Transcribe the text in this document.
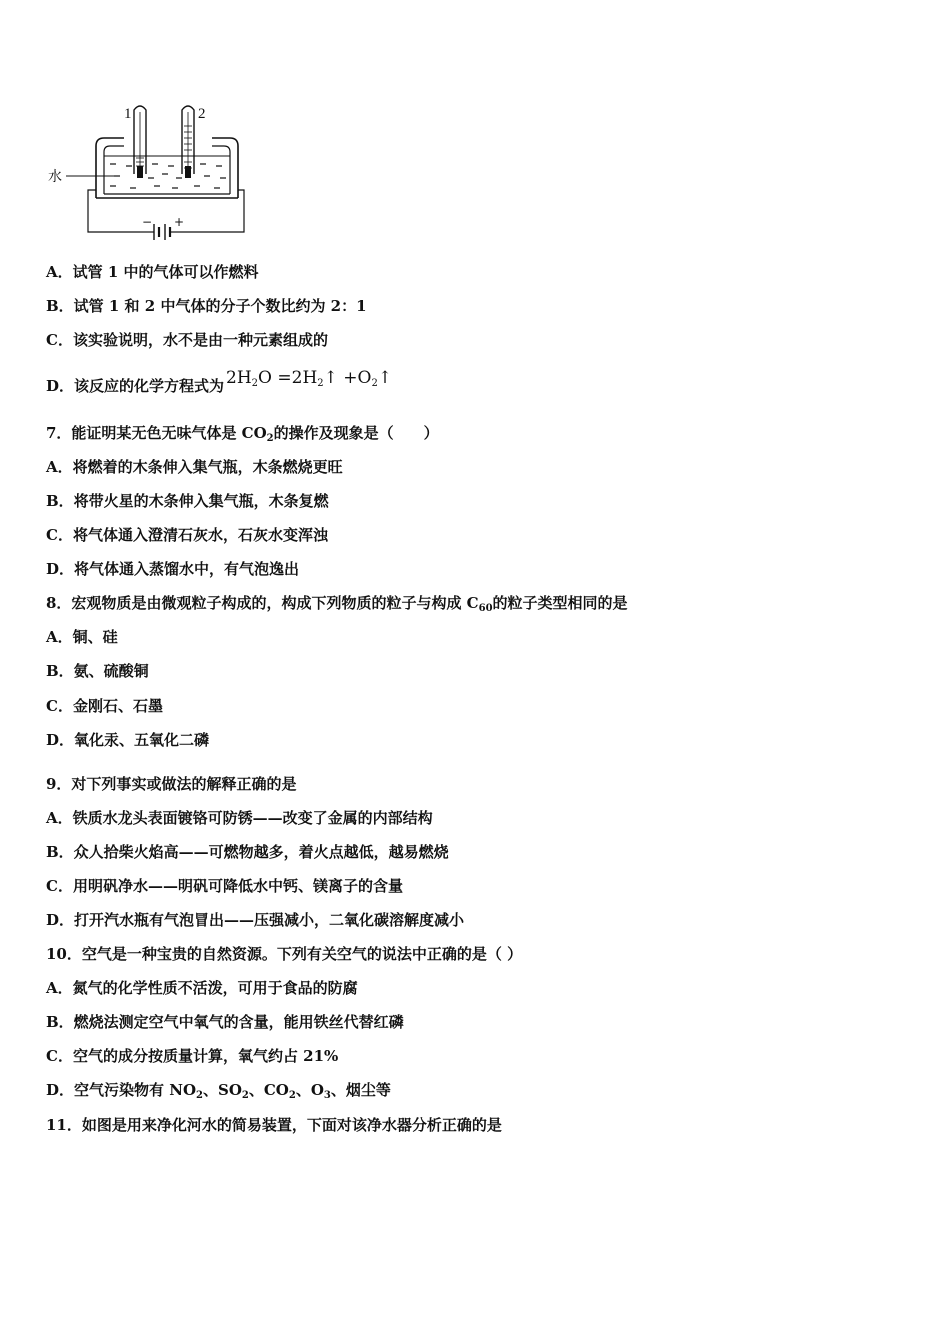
1	2
水
− +
A．试管 1 中的气体可以作燃料
B．试管 1 和 2 中气体的分子个数比约为 2：1
C．该实验说明，水不是由一种元素组成的
D．该反应的化学方程式为 $2H_2O$ $=2H_2↑$ $+O_2↑$
7．能证明某无色无味气体是 $CO_2$的操作及现象是（　　）
A．将燃着的木条伸入集气瓶，木条燃烧更旺
B．将带火星的木条伸入集气瓶，木条复燃
C．将气体通入澄清石灰水，石灰水变浑浊
D．将气体通入蒸馏水中，有气泡逸出
8．宏观物质是由微观粒子构成的，构成下列物质的粒子与构成 $C_{60}$的粒子类型相同的是
A．铜、硅
B．氨、硫酸铜
C．金刚石、石墨
D．氧化汞、五氧化二磷
9．对下列事实或做法的解释正确的是
A．铁质水龙头表面镀铬可防锈——改变了金属的内部结构
B．众人拾柴火焰高——可燃物越多，着火点越低，越易燃烧
C．用明矾净水——明矾可降低水中钙、镁离子的含量
D．打开汽水瓶有气泡冒出——压强减小，二氧化碳溶解度减小
10．空气是一种宝贵的自然资源。下列有关空气的说法中正确的是（ ）
A．氮气的化学性质不活泼，可用于食品的防腐
B．燃烧法测定空气中氧气的含量，能用铁丝代替红磷
C．空气的成分按质量计算，氧气约占 21%
D．空气污染物有 $NO_2$、$SO_2$、$CO_2$、$O_3$、烟尘等
11．如图是用来净化河水的简易装置，下面对该净水器分析正确的是
